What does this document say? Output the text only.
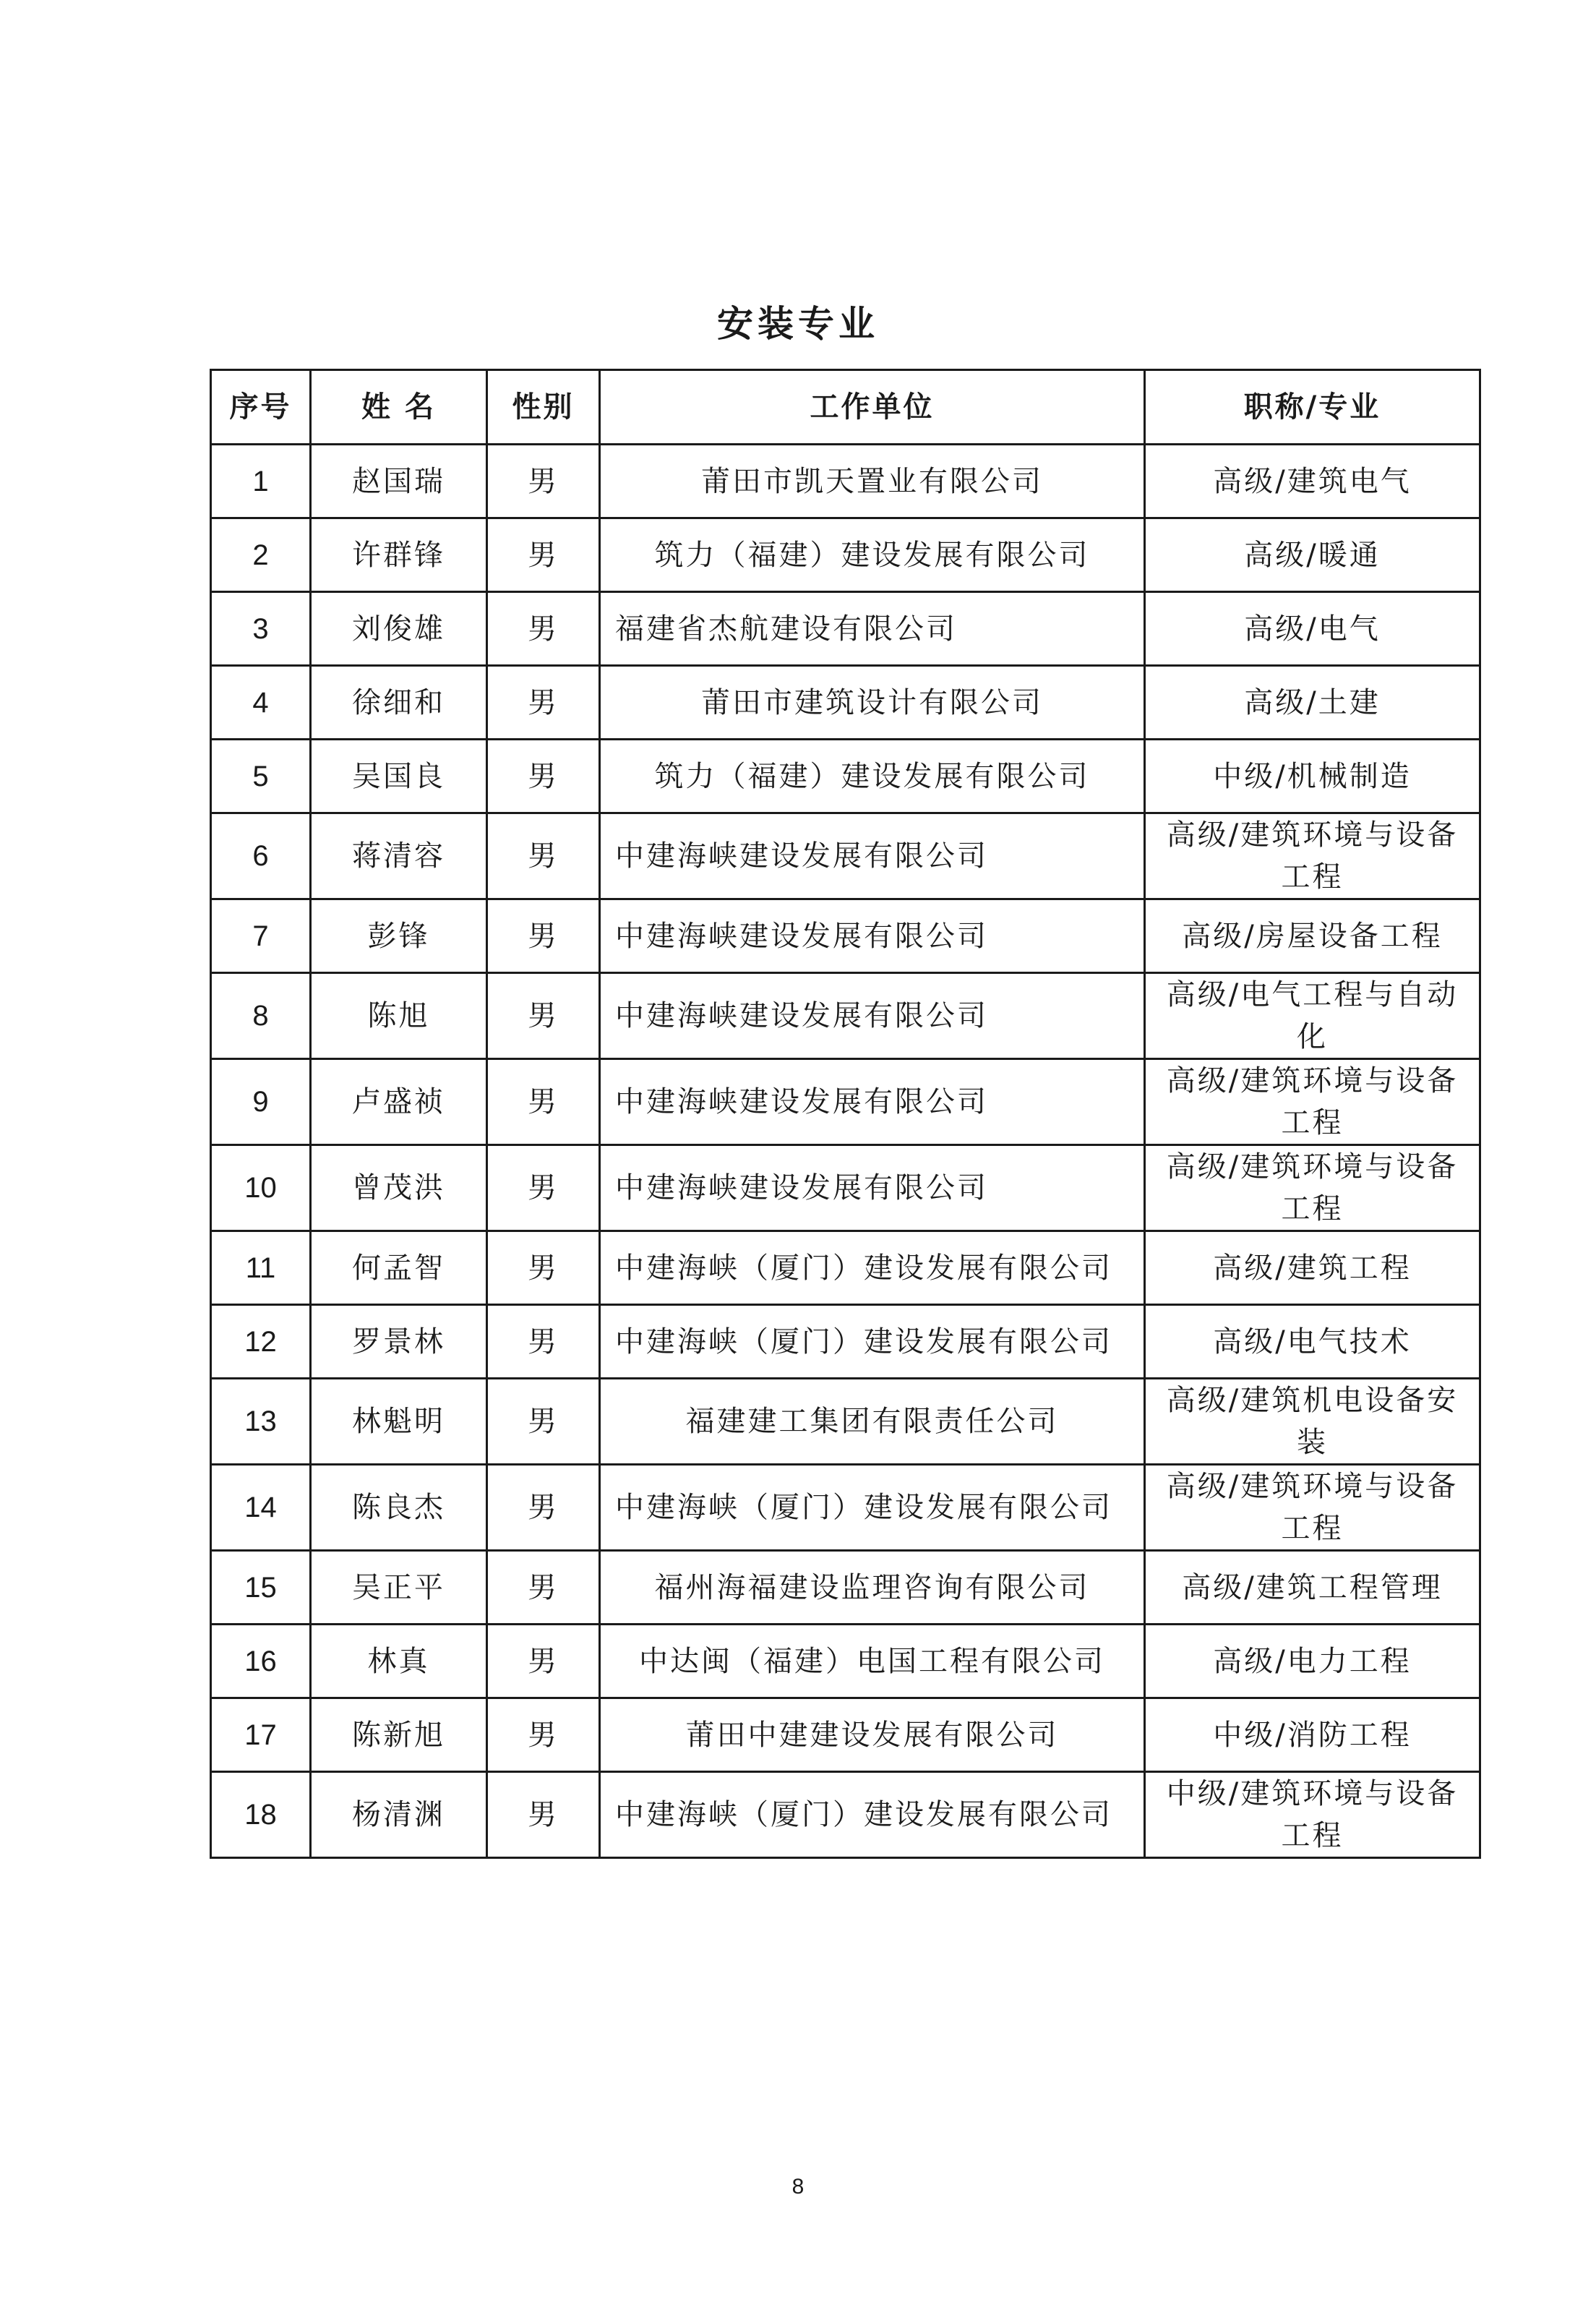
安装专业
序号	姓 名	性别	工作单位	职称/专业
1	赵国瑞	男	莆田市凯天置业有限公司	高级/建筑电气
2	许群锋	男	筑力（福建）建设发展有限公司	高级/暖通
3	刘俊雄	男	福建省杰航建设有限公司	高级/电气
4	徐细和	男	莆田市建筑设计有限公司	高级/土建
5	吴国良	男	筑力（福建）建设发展有限公司	中级/机械制造
6	蒋清容	男	中建海峡建设发展有限公司	高级/建筑环境与设备工程
7	彭锋	男	中建海峡建设发展有限公司	高级/房屋设备工程
8	陈旭	男	中建海峡建设发展有限公司	高级/电气工程与自动化
9	卢盛祯	男	中建海峡建设发展有限公司	高级/建筑环境与设备工程
10	曾茂洪	男	中建海峡建设发展有限公司	高级/建筑环境与设备工程
11	何孟智	男	中建海峡（厦门）建设发展有限公司	高级/建筑工程
12	罗景林	男	中建海峡（厦门）建设发展有限公司	高级/电气技术
13	林魁明	男	福建建工集团有限责任公司	高级/建筑机电设备安装
14	陈良杰	男	中建海峡（厦门）建设发展有限公司	高级/建筑环境与设备工程
15	吴正平	男	福州海福建设监理咨询有限公司	高级/建筑工程管理
16	林真	男	中达闽（福建）电国工程有限公司	高级/电力工程
17	陈新旭	男	莆田中建建设发展有限公司	中级/消防工程
18	杨清渊	男	中建海峡（厦门）建设发展有限公司	中级/建筑环境与设备工程
8
